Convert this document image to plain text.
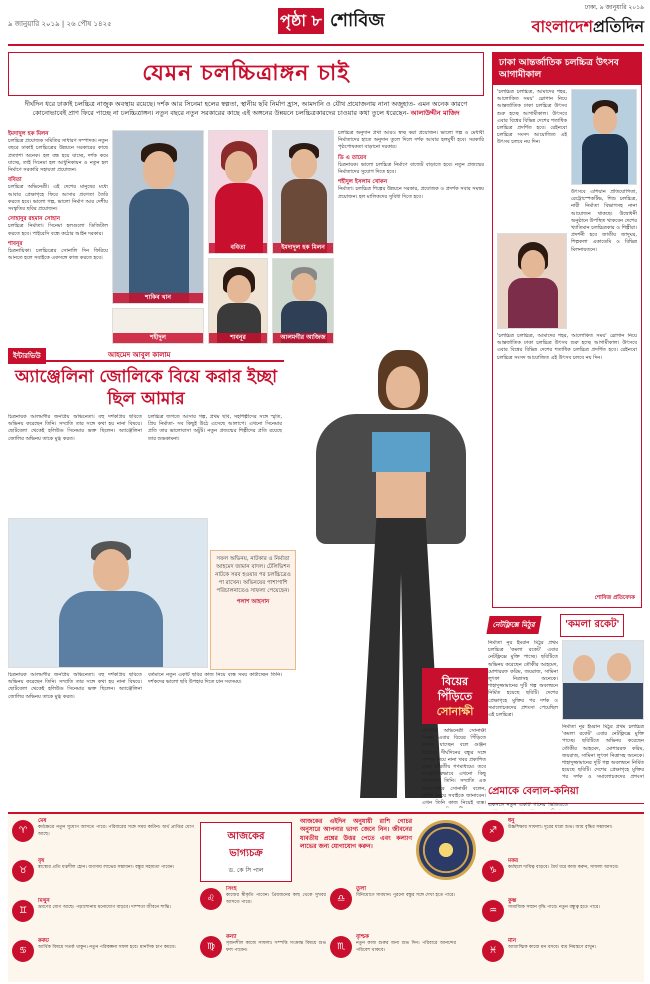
৯ জানুয়ারি ২০১৯ | ২৬ পৌষ ১৪২৫	পৃষ্ঠা ৮ শোবিজ
ঢাকা, ৯ জানুয়ারি ২০১৯
বাংলাদেশপ্রতিদিন
যেমন চলচ্চিত্রাঙ্গন চাই
দীর্ঘদিন ধরে ঢাকাই চলচ্চিত্র নাজুক অবস্থায় রয়েছে। দর্শক আর সিনেমা হলের স্বল্পতা, স্থানীয় ছবি নির্মাণ হ্রাস, আমদানি ও যৌথ প্রযোজনায় নানা অজুহাত- এমন অনেক কারণে কোনোভাবেই প্রাণ ফিরে পাচ্ছে না চলচ্চিত্রাঙ্গন। নতুন বছরে নতুন সরকারের কাছে এই অঙ্গনের উন্নয়নে চলচ্চিত্রকারদের চাওয়ার কথা তুলে ধরেছেন- আলাউদ্দীন মাজিদ
ইমদাদুল হক মিলন

চলচ্চিত্র প্রযোজক সমিতির সাধারণ সম্পাদক। নতুন বছরে ঢাকাই চলচ্চিত্রের উন্নয়নে সরকারের কাছে প্রত্যাশা অনেক। হল বন্ধ হয়ে যাচ্ছে, দর্শক কমে যাচ্ছে, তাই সিনেমা হল আধুনিকায়ন ও নতুন হল নির্মাণে সরকারি সহায়তা প্রয়োজন।

ববিতা

চলচ্চিত্র অভিনেত্রী। এই দেশের মানুষের মধ্যে আবার প্রেক্ষাগৃহে ফিরে আসার প্রবণতা তৈরি করতে হবে। ভালো গল্প, ভালো নির্মাণ আর দেশীয় সংস্কৃতির ছবির প্রয়োজন।

সোহানুর রহমান সোহান

চলচ্চিত্র নির্মাতা। সিনেমা হলগুলো ডিজিটাল করতে হবে। পাইরেসি বন্ধে কঠোর আইন দরকার।

শাবনূর

চিত্রনায়িকা। চলচ্চিত্রের সোনালি দিন ফিরিয়ে আনতে হলে সবাইকে একসঙ্গে কাজ করতে হবে।

শাকিব খান
ববিতা	ইমদাদুল হক মিলন
শাবনূর	আলমগীর আজিজ
শহীদুল

চলচ্চিত্র অনুদান প্রথা আরও স্বচ্ছ করা প্রয়োজন। ভালো গল্প ও মেধাবী নির্মাতাদের হাতে অনুদান তুলে দিলে দর্শক আবার হলমুখী হবে। সরকারি পৃষ্ঠপোষকতা বাড়ানো দরকার।

ডি এ তায়েব

চিত্রনায়ক। ভালো চলচ্চিত্র নির্মাণে বাজেট বাড়াতে হবে। নতুন প্রজন্মের নির্মাতাদের সুযোগ দিতে হবে।

শহীদুল ইসলাম খোকন

নির্মাতা। চলচ্চিত্র শিল্পের উন্নয়নে সরকার, প্রযোজক ও প্রদর্শক সবার সমন্বয় প্রয়োজন। হল মালিকদের সুবিধা দিতে হবে।

ঢাকা আন্তর্জাতিক চলচ্চিত্র উৎসব আগামীকাল
'চলচ্চিত্র চলচ্চিত্র, আমাদের শহর, আলোকিত সময়' স্লোগান নিয়ে আন্তর্জাতিক ঢাকা চলচ্চিত্র উৎসব শুরু হচ্ছে আগামীকাল। উৎসবে এবার বিশ্বের বিভিন্ন দেশের শতাধিক চলচ্চিত্র প্রদর্শিত হবে। রেইনবো চলচ্চিত্র সংসদ আয়োজিত এই উৎসব চলবে নয় দিন।
উৎসবে এশিয়ান প্রতিযোগিতা, রেট্রোস্পেকটিভ, শিশু চলচ্চিত্র, নারী নির্মাতা বিভাগসহ নানা আয়োজন থাকছে। উদ্বোধনী অনুষ্ঠানে উপস্থিত থাকবেন দেশের খ্যাতিমান চলচ্চিত্রকার ও শিল্পীরা। প্রদর্শনী হবে জাতীয় জাদুঘর, শিল্পকলা একাডেমি ও বিভিন্ন মিলনায়তনে।
'চলচ্চিত্র চলচ্চিত্র, আমাদের শহর, আলোকিত সময়' স্লোগান নিয়ে আন্তর্জাতিক ঢাকা চলচ্চিত্র উৎসব শুরু হচ্ছে আগামীকাল। উৎসবে এবার বিশ্বের বিভিন্ন দেশের শতাধিক চলচ্চিত্র প্রদর্শিত হবে। রেইনবো চলচ্চিত্র সংসদ আয়োজিত এই উৎসব চলবে নয় দিন।
শোবিজ প্রতিবেদক
ইন্টারভিউ	আহমেদ আবুল কালাম
অ্যাঞ্জেলিনা জোলিকে বিয়ে করার ইচ্ছা ছিল আমার
চিত্রনায়ক আলমগীর জনপ্রিয় অভিনেতা। বহু দর্শকপ্রিয় ছবিতে অভিনয় করেছেন তিনি। সম্প্রতি তার সঙ্গে কথা হয় নানা বিষয়ে। ছোটবেলা থেকেই হলিউড সিনেমার ভক্ত ছিলেন। অ্যাঞ্জেলিনা জোলির অভিনয় তাকে মুগ্ধ করত।
চলচ্চিত্র জগতে আসার গল্প, প্রথম ছবি, সহশিল্পীদের সঙ্গে স্মৃতি, প্রিয় নির্মাতা- সব কিছুই উঠে এসেছে আলাপে। এখনো সিনেমার প্রতি তার ভালোবাসা অটুট। নতুন প্রজন্মের শিল্পীদের প্রতি রয়েছে তার শুভকামনা।
সফল অভিনয়, নাটকার ও নির্মাতা আহমেদ জামান বাদল। টেলিভিশন নাটকে সরব হওয়ার পর চলচ্চিত্রেও পা রাখেন। অভিনয়ের পাশাপাশি পরিচালনাতেও সাফল্য পেয়েছেন।
পলাশ আহসান
চিত্রনায়ক আলমগীর জনপ্রিয় অভিনেতা। বহু দর্শকপ্রিয় ছবিতে অভিনয় করেছেন তিনি। সম্প্রতি তার সঙ্গে কথা হয় নানা বিষয়ে। ছোটবেলা থেকেই হলিউড সিনেমার ভক্ত ছিলেন। অ্যাঞ্জেলিনা জোলির অভিনয় তাকে মুগ্ধ করত।
বর্তমানে নতুন একটি ছবির কাজ নিয়ে ব্যস্ত সময় কাটাচ্ছেন তিনি। দর্শকদের ভালো ছবি উপহার দিতে চান সবসময়।
নেটফ্লিক্সে মিঠুর	'কমলা রকেট'
নির্মাতা নূর ইমরান মিঠুর প্রথম চলচ্চিত্র 'কমলা রকেট' এবার নেটফ্লিক্সে মুক্তি পাচ্ছে। ছবিটিতে অভিনয় করেছেন তৌকীর আহমেদ, মোশাররফ করিম, জয়রাজ, সামিনা লুৎফা নিত্রাসহ অনেকে। শাহাদুজ্জামানের দুটি গল্প অবলম্বনে নির্মিত হয়েছে ছবিটি। দেশের প্রেক্ষাগৃহে মুক্তির পর দর্শক ও সমালোচকদের প্রশংসা পেয়েছিল এই চলচ্চিত্র।
নির্মাতা নূর ইমরান মিঠুর প্রথম চলচ্চিত্র 'কমলা রকেট' এবার নেটফ্লিক্সে মুক্তি পাচ্ছে। ছবিটিতে অভিনয় করেছেন তৌকীর আহমেদ, মোশাররফ করিম, জয়রাজ, সামিনা লুৎফা নিত্রাসহ অনেকে। শাহাদুজ্জামানের দুটি গল্প অবলম্বনে নির্মিত হয়েছে ছবিটি। দেশের প্রেক্ষাগৃহে মুক্তির পর দর্শক ও সমালোচকদের প্রশংসা
বিয়ের
পিঁড়িতে
সোনাক্ষী
বলিউড অভিনেত্রী সোনাক্ষী সিনহা এবার বিয়ের পিঁড়িতে বসতে যাচ্ছেন বলে গুঞ্জন উঠেছে। দীর্ঘদিনের বন্ধুর সঙ্গে সম্পর্ক নিয়ে নানা খবর প্রকাশিত হচ্ছে ভারতীয় গণমাধ্যমে। তবে আনুষ্ঠানিকভাবে এখনো কিছু জানাননি তিনি। সম্প্রতি এক সাক্ষাৎকারে সোনাক্ষী বলেন, সঠিক সময়ে সবাইকে জানাবেন। এখন তিনি কাজ নিয়েই ব্যস্ত।
প্রেমাকে বেলাল-কনিয়া
একসঙ্গে নতুন একটি গানের ভিডিওতে
আজকের
ভাগ্যচক্র
ড. কে সি পাল
আজকের এইদিন অনুযায়ী রাশি গোচর অনুসারে আপনার ভাগ্য জেনে নিন। জীবনের যাবতীয় প্রশ্নের উত্তর পেতে এবং কল্যাণ লাভের জন্য যোগাযোগ করুন।
♈
মেষ
কর্মক্ষেত্রে নতুন সুযোগ আসতে পারে। পরিবারের সঙ্গে সময় কাটান। অর্থ প্রাপ্তির যোগ আছে।
♉
বৃষ
স্বাস্থ্যের প্রতি যত্নশীল হোন। ব্যবসায় লাভের সম্ভাবনা। বন্ধুর সহায়তা পাবেন।
♊
মিথুন
ভ্রমণের যোগ আছে। পড়াশোনায় মনোযোগ বাড়বে। দাম্পত্য জীবনে শান্তি।
♋
কর্কট
আর্থিক বিষয়ে সতর্ক থাকুন। নতুন পরিকল্পনা সফল হবে। মানসিক চাপ কমবে।
♌
সিংহ
কাজের স্বীকৃতি পাবেন। প্রিয়জনের কাছ থেকে সুখবর আসতে পারে।
♍
কন্যা
সৃজনশীল কাজে সাফল্য। সম্পত্তি সংক্রান্ত বিষয়ে শুভ ফল পাবেন।
♎
তুলা
বিনিয়োগে সাবধান। পুরনো বন্ধুর সঙ্গে দেখা হতে পারে।
♏
বৃশ্চিক
নতুন কাজ শুরুর জন্য শুভ দিন। পরিবারে আনন্দের পরিবেশ থাকবে।
♐
ধনু
উচ্চশিক্ষায় সাফল্য। দূরের যাত্রা শুভ। আয় বৃদ্ধির সম্ভাবনা।
♑
মকর
কর্মস্থলে দায়িত্ব বাড়বে। ধৈর্য ধরে কাজ করুন, সাফল্য আসবে।
♒
কুম্ভ
সামাজিক সম্মান বৃদ্ধি পাবে। নতুন বন্ধুত্ব হতে পারে।
♓
মীন
আধ্যাত্মিক কাজে মন বসবে। ব্যয় নিয়ন্ত্রণে রাখুন।
